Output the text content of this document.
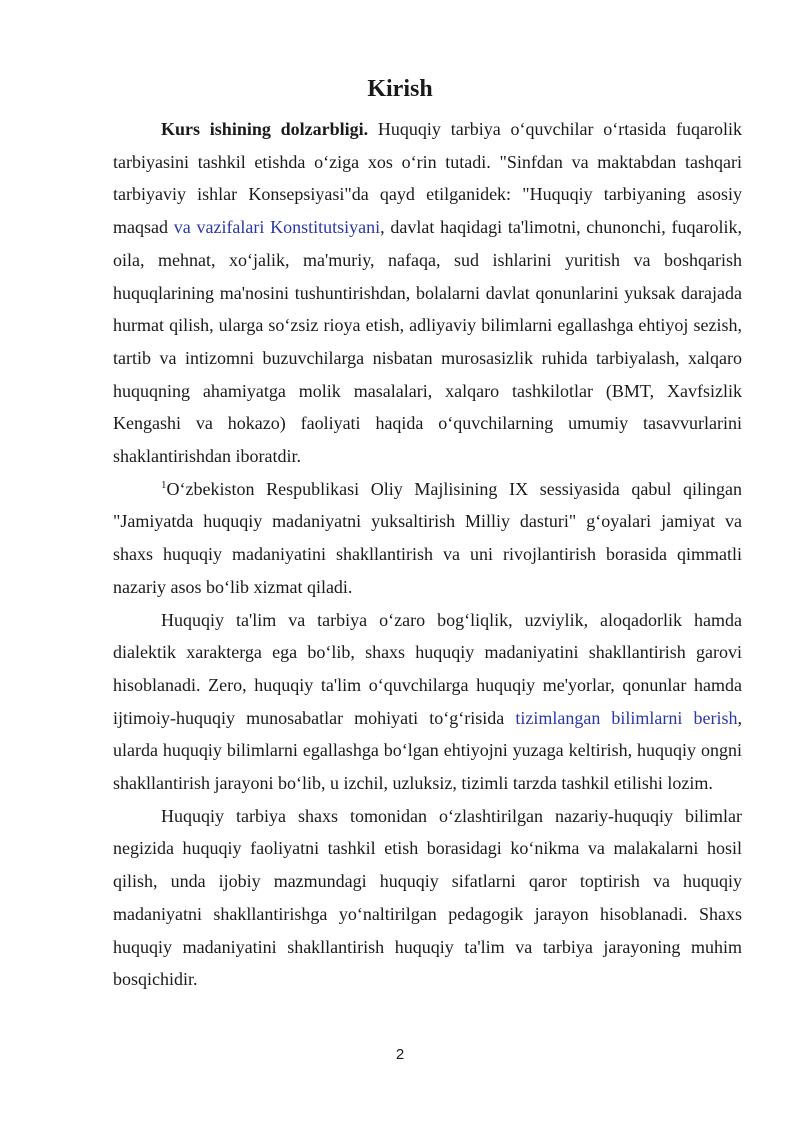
Kirish

Kurs ishining dolzarbligi. Huquqiy tarbiya o‘quvchilar o‘rtasida fuqarolik tarbiyasini tashkil etishda o‘ziga xos o‘rin tutadi. "Sinfdan va maktabdan tashqari tarbiyaviy ishlar Konsepsiyasi"da qayd etilganidek: "Huquqiy tarbiyaning asosiy maqsad va vazifalari Konstitutsiyani, davlat haqidagi ta'limotni, chunonchi, fuqarolik, oila, mehnat, xo‘jalik, ma'muriy, nafaqa, sud ishlarini yuritish va boshqarish huquqlarining ma'nosini tushuntirishdan, bolalarni davlat qonunlarini yuksak darajada hurmat qilish, ularga so‘zsiz rioya etish, adliyaviy bilimlarni egallashga ehtiyoj sezish, tartib va intizomni buzuvchilarga nisbatan murosasizlik ruhida tarbiyalash, xalqaro huquqning ahamiyatga molik masalalari, xalqaro tashkilotlar (BMT, Xavfsizlik Kengashi va hokazo) faoliyati haqida o‘quvchilarning umumiy tasavvurlarini shaklantirishdan iboratdir.

$^1$O‘zbekiston Respublikasi Oliy Majlisining IX sessiyasida qabul qilingan "Jamiyatda huquqiy madaniyatni yuksaltirish Milliy dasturi" g‘oyalari jamiyat va shaxs huquqiy madaniyatini shakllantirish va uni rivojlantirish borasida qimmatli nazariy asos bo‘lib xizmat qiladi.

Huquqiy ta'lim va tarbiya o‘zaro bog‘liqlik, uzviylik, aloqadorlik hamda dialektik xarakterga ega bo‘lib, shaxs huquqiy madaniyatini shakllantirish garovi hisoblanadi. Zero, huquqiy ta'lim o‘quvchilarga huquqiy me'yorlar, qonunlar hamda ijtimoiy-huquqiy munosabatlar mohiyati to‘g‘risida tizimlangan bilimlarni berish, ularda huquqiy bilimlarni egallashga bo‘lgan ehtiyojni yuzaga keltirish, huquqiy ongni shakllantirish jarayoni bo‘lib, u izchil, uzluksiz, tizimli tarzda tashkil etilishi lozim.

Huquqiy tarbiya shaxs tomonidan o‘zlashtirilgan nazariy-huquqiy bilimlar negizida huquqiy faoliyatni tashkil etish borasidagi ko‘nikma va malakalarni hosil qilish, unda ijobiy mazmundagi huquqiy sifatlarni qaror toptirish va huquqiy madaniyatni shakllantirishga yo‘naltirilgan pedagogik jarayon hisoblanadi. Shaxs huquqiy madaniyatini shakllantirish huquqiy ta'lim va tarbiya jarayoning muhim bosqichidir.

2
